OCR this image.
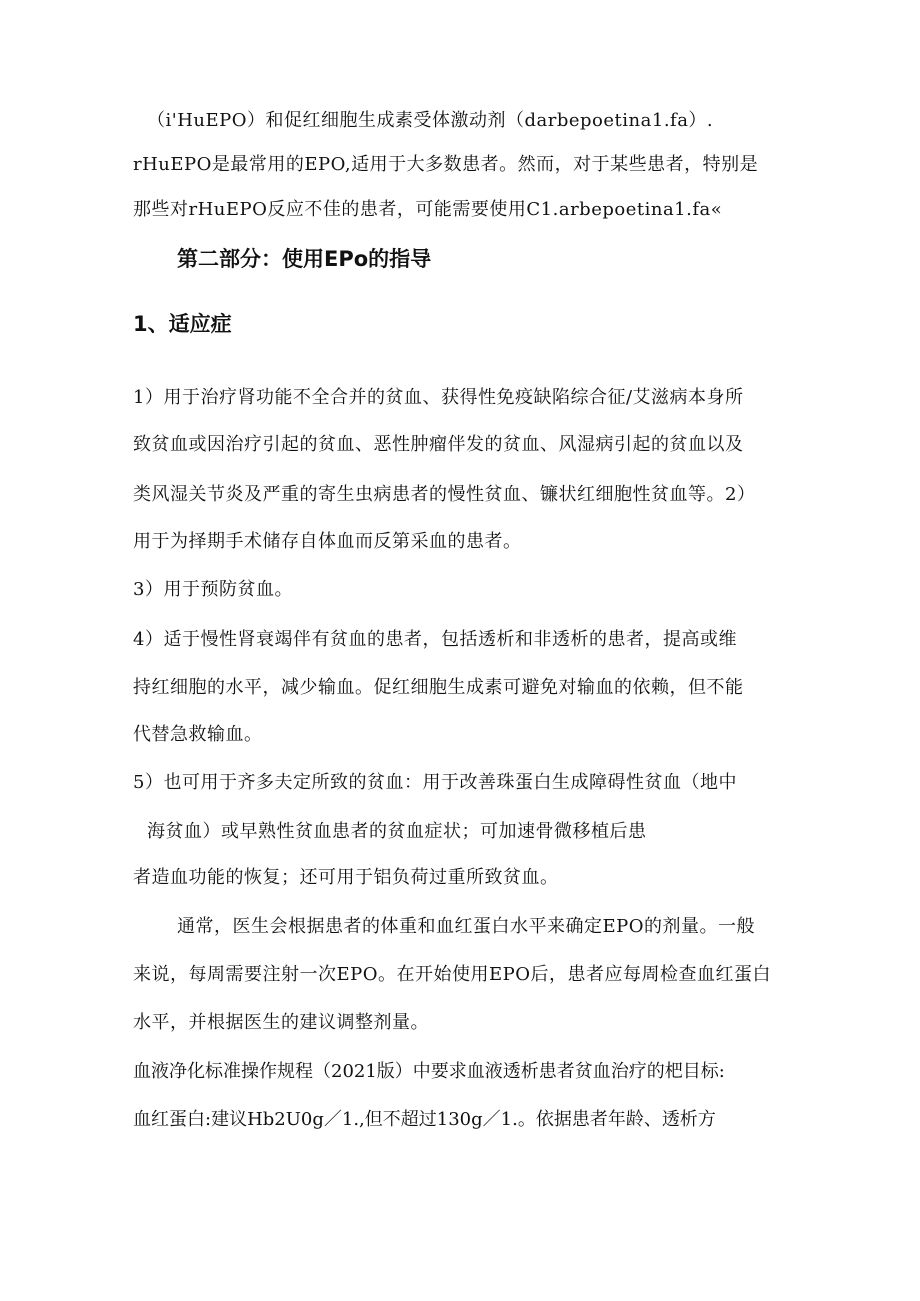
（i'HuEPO）和促红细胞生成素受体激动剂（darbepoetina1.fa）.

rHuEPO是最常用的EPO,适用于大多数患者。然而，对于某些患者，特别是

那些对rHuEPO反应不佳的患者，可能需要使用C1.arbepoetina1.fa«

第二部分：使用EPo的指导
1、适应症

1）用于治疗肾功能不全合并的贫血、获得性免疫缺陷综合征/艾滋病本身所

致贫血或因治疗引起的贫血、恶性肿瘤伴发的贫血、风湿病引起的贫血以及

类风湿关节炎及严重的寄生虫病患者的慢性贫血、镰状红细胞性贫血等。2）

用于为择期手术储存自体血而反第采血的患者。

3）用于预防贫血。

4）适于慢性肾衰竭伴有贫血的患者，包括透析和非透析的患者，提高或维

持红细胞的水平，减少输血。促红细胞生成素可避免对输血的依赖，但不能

代替急救输血。

5）也可用于齐多夫定所致的贫血：用于改善珠蛋白生成障碍性贫血（地中

海贫血）或早熟性贫血患者的贫血症状；可加速骨微移植后患

者造血功能的恢复；还可用于铝负荷过重所致贫血。

通常，医生会根据患者的体重和血红蛋白水平来确定EPO的剂量。一般

来说，每周需要注射一次EPO。在开始使用EPO后，患者应每周检查血红蛋白

水平，并根据医生的建议调整剂量。

血液净化标准操作规程（2021版）中要求血液透析患者贫血治疗的杷目标:

血红蛋白:建议Hb2U0g／1.,但不超过130g／1.。依据患者年龄、透析方
